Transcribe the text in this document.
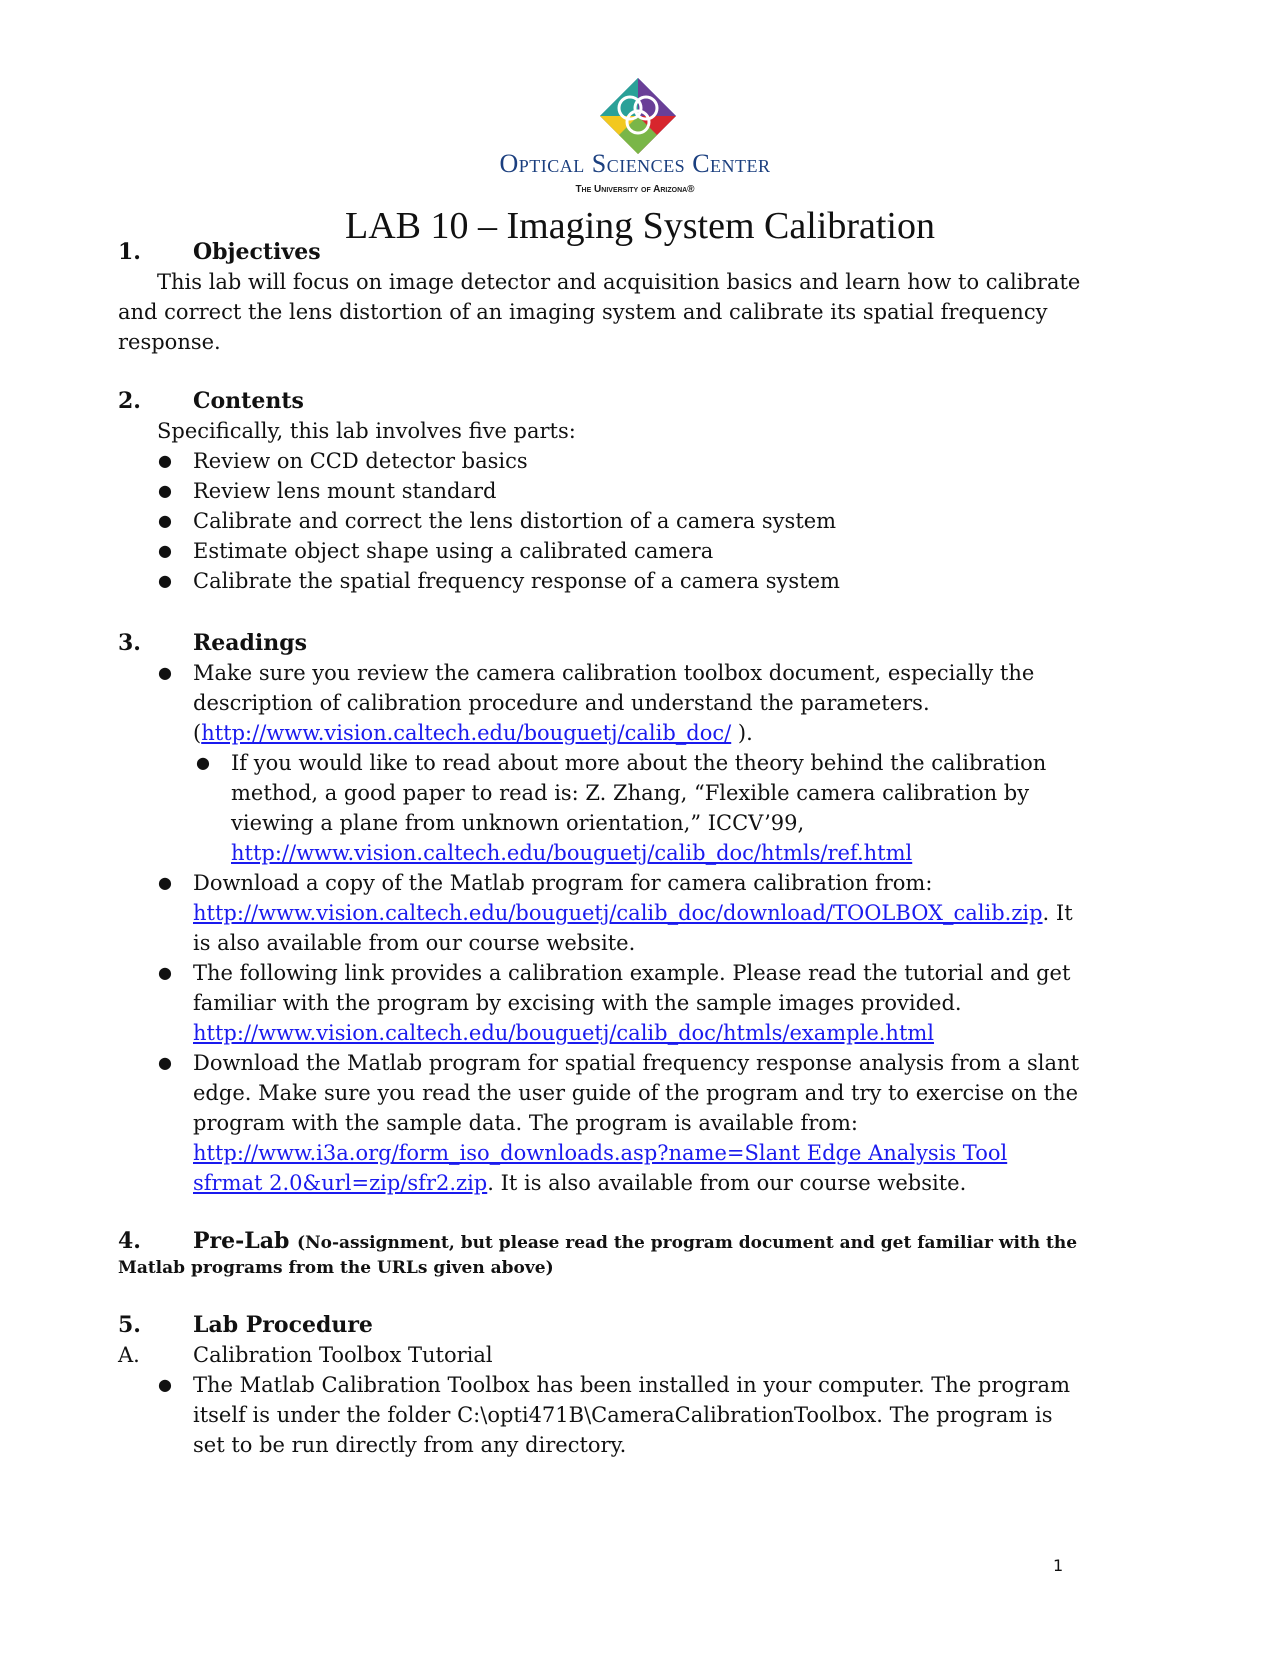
Optical Sciences Center
The University of Arizona®
LAB 10 – Imaging System Calibration
1. Objectives
This lab will focus on image detector and acquisition basics and learn how to calibrate
and correct the lens distortion of an imaging system and calibrate its spatial frequency
response.
2. Contents
Specifically, this lab involves five parts:
● Review on CCD detector basics
● Review lens mount standard
● Calibrate and correct the lens distortion of a camera system
● Estimate object shape using a calibrated camera
● Calibrate the spatial frequency response of a camera system
3. Readings
● Make sure you review the camera calibration toolbox document, especially the
description of calibration procedure and understand the parameters.
(http://www.vision.caltech.edu/bouguetj/calib_doc/ ).
● If you would like to read about more about the theory behind the calibration
method, a good paper to read is: Z. Zhang, “Flexible camera calibration by
viewing a plane from unknown orientation,” ICCV’99,
http://www.vision.caltech.edu/bouguetj/calib_doc/htmls/ref.html
● Download a copy of the Matlab program for camera calibration from:
http://www.vision.caltech.edu/bouguetj/calib_doc/download/TOOLBOX_calib.zip. It
is also available from our course website.
● The following link provides a calibration example. Please read the tutorial and get
familiar with the program by excising with the sample images provided.
http://www.vision.caltech.edu/bouguetj/calib_doc/htmls/example.html
● Download the Matlab program for spatial frequency response analysis from a slant
edge. Make sure you read the user guide of the program and try to exercise on the
program with the sample data. The program is available from:
http://www.i3a.org/form_iso_downloads.asp?name=Slant Edge Analysis Tool
sfrmat 2.0&url=zip/sfr2.zip. It is also available from our course website.
4. Pre-Lab (No-assignment, but please read the program document and get familiar with the
Matlab programs from the URLs given above)
5. Lab Procedure
A.	Calibration Toolbox Tutorial
● The Matlab Calibration Toolbox has been installed in your computer. The program
itself is under the folder C:\opti471B\CameraCalibrationToolbox. The program is
set to be run directly from any directory.
1
